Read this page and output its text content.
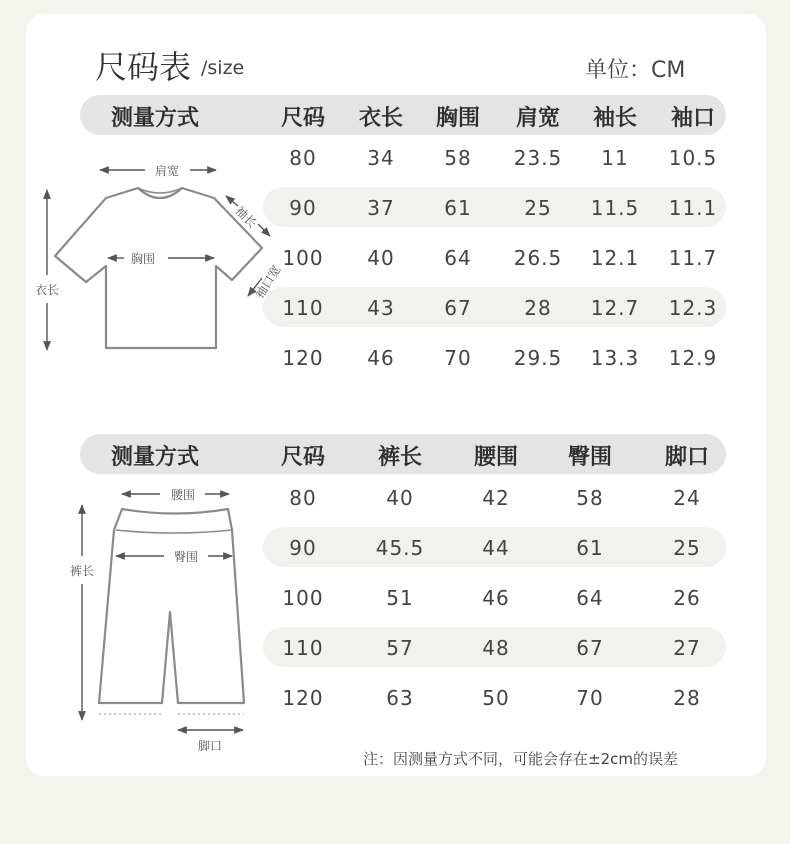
尺码表 /size	单位：CM
测量方式	尺码 衣长 胸围 肩宽 袖长 袖口
80	34 58 23.5 11 10.5
90	37 61	25 11.5 11.1
100 40 64 26.5 12.1 11.7
110 43 67	28 12.7 12.3
120 46 70 29.5 13.3 12.9
测量方式	尺码 裤长 腰围 臀围 脚口
80	40	42	58	24
90	45.5	44	61	25
100	51	46	64	26
110	57	48	67	27
120	63	50	70	28
肩宽
胸围
袖长
袖口宽
衣长
腰围
臀围
裤长
脚口
注：因测量方式不同，可能会存在±2cm的误差
